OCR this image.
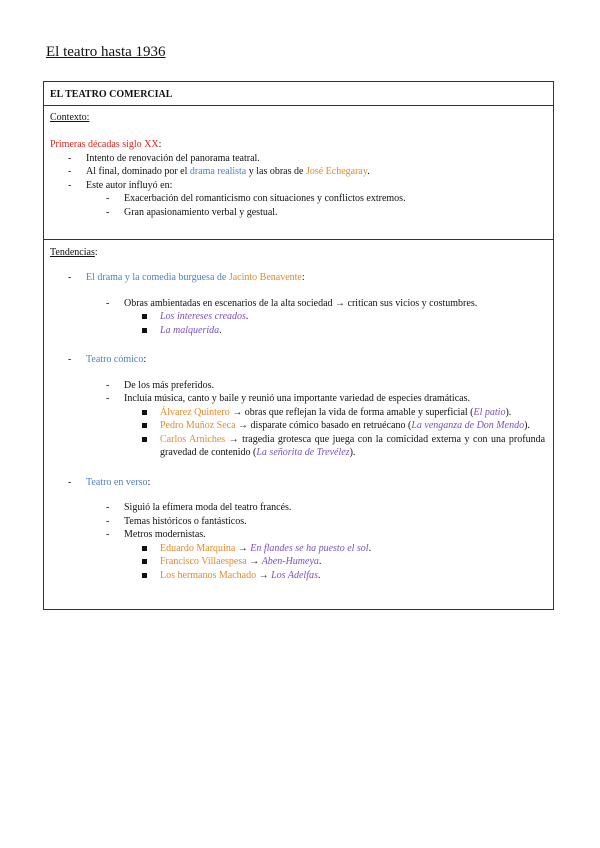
El teatro hasta 1936
EL TEATRO COMERCIAL
Contexto:
Primeras décadas siglo XX:
- Intento de renovación del panorama teatral.
- Al final, dominado por el drama realista y las obras de José Echegaray.
- Este autor influyó en:
- Exacerbación del romanticismo con situaciones y conflictos extremos.
- Gran apasionamiento verbal y gestual.
Tendencias:
- El drama y la comedia burguesa de Jacinto Benavente:
- Obras ambientadas en escenarios de la alta sociedad → critican sus vicios y costumbres.
Los intereses creados.
La malquerida.
- Teatro cómico:
- De los más preferidos.
- Incluía música, canto y baile y reunió una importante variedad de especies dramáticas.
Álvarez Quintero → obras que reflejan la vida de forma amable y superficial (El patio).
Pedro Muñoz Seca → disparate cómico basado en retruécano (La venganza de Don Mendo).
Carlos Arniches → tragedia grotesca que juega con la comicidad externa y con una profunda gravedad de contenido (La señorita de Trevélez).
- Teatro en verso:
- Siguió la efímera moda del teatro francés.
- Temas históricos o fantásticos.
- Metros modernistas.
Eduardo Marquina → En flandes se ha puesto el sol.
Francisco Villaespesa → Aben-Humeya.
Los hermanos Machado → Los Adelfas.
